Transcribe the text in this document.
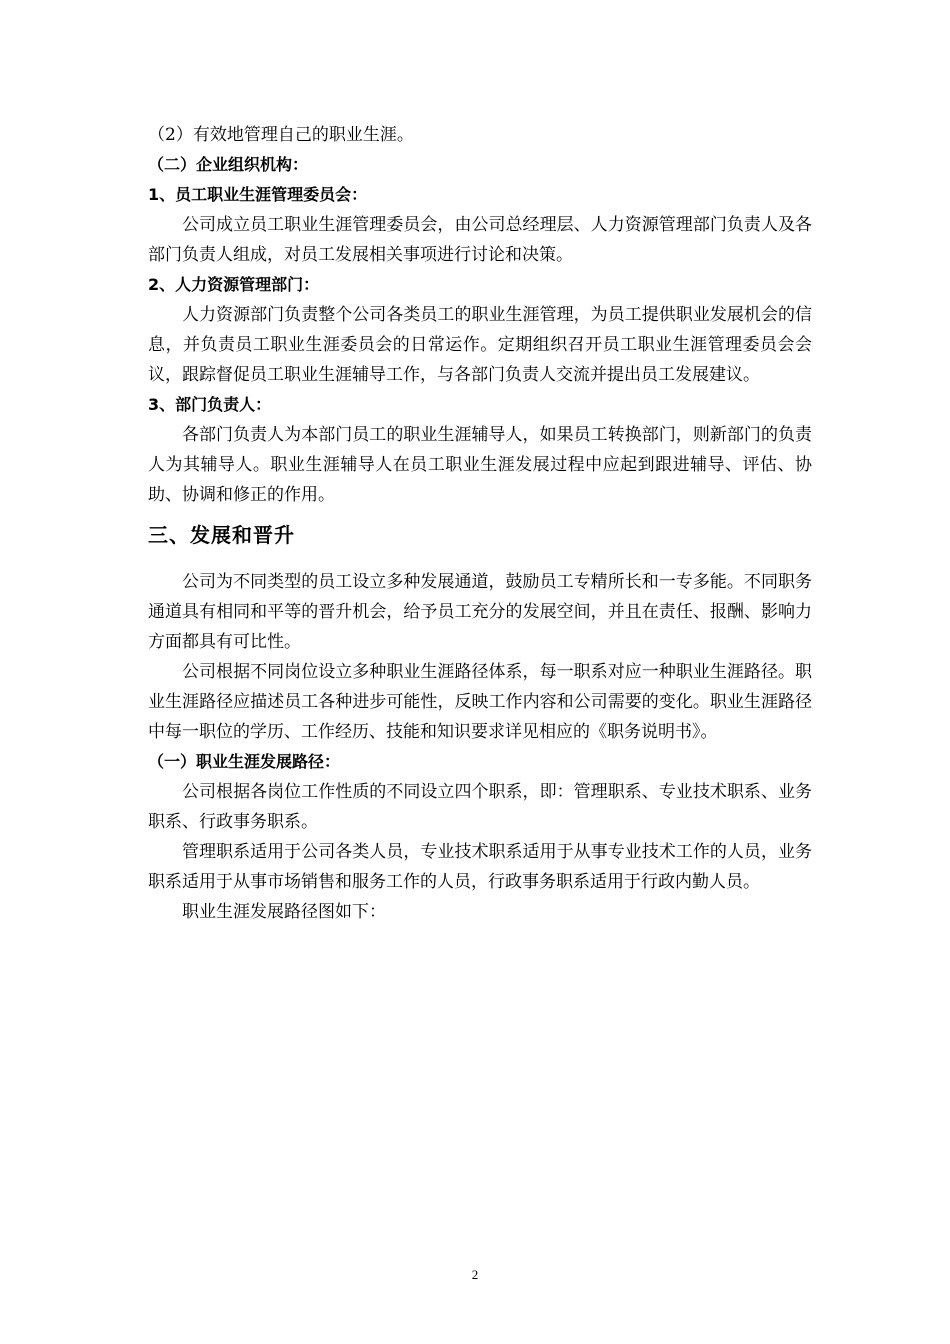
（2）有效地管理自己的职业生涯。

（二）企业组织机构：

1、员工职业生涯管理委员会：

公司成立员工职业生涯管理委员会，由公司总经理层、人力资源管理部门负责人及各部门负责人组成，对员工发展相关事项进行讨论和决策。

2、人力资源管理部门：

人力资源部门负责整个公司各类员工的职业生涯管理，为员工提供职业发展机会的信息，并负责员工职业生涯委员会的日常运作。定期组织召开员工职业生涯管理委员会会议，跟踪督促员工职业生涯辅导工作，与各部门负责人交流并提出员工发展建议。

3、部门负责人：

各部门负责人为本部门员工的职业生涯辅导人，如果员工转换部门，则新部门的负责人为其辅导人。职业生涯辅导人在员工职业生涯发展过程中应起到跟进辅导、评估、协助、协调和修正的作用。

三、发展和晋升

公司为不同类型的员工设立多种发展通道，鼓励员工专精所长和一专多能。不同职务通道具有相同和平等的晋升机会，给予员工充分的发展空间，并且在责任、报酬、影响力方面都具有可比性。

公司根据不同岗位设立多种职业生涯路径体系，每一职系对应一种职业生涯路径。职业生涯路径应描述员工各种进步可能性，反映工作内容和公司需要的变化。职业生涯路径中每一职位的学历、工作经历、技能和知识要求详见相应的《职务说明书》。

（一）职业生涯发展路径：

公司根据各岗位工作性质的不同设立四个职系，即：管理职系、专业技术职系、业务职系、行政事务职系。

管理职系适用于公司各类人员，专业技术职系适用于从事专业技术工作的人员，业务职系适用于从事市场销售和服务工作的人员，行政事务职系适用于行政内勤人员。

职业生涯发展路径图如下：

2
